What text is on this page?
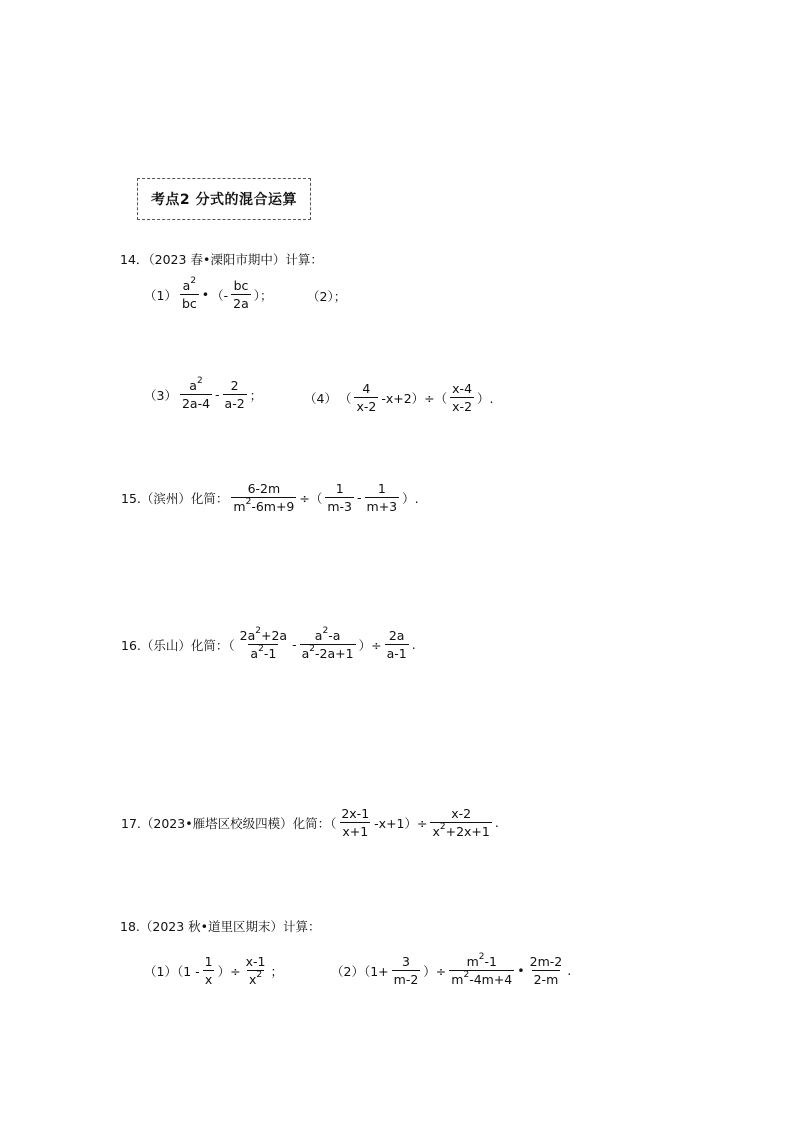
考点2 分式的混合运算
14．（2023 春•溧阳市期中）计算：
$(1) \frac{a^2}{bc}$ • （- $\frac{bc}{2a}$ ）；	（2）；
$(3) \frac{a^2}{2a-4} - \frac{2}{a-2}$ ；	（4） （ $\frac{4}{x-2} -x+2)\div( \frac{x-4}{x-2}$ ）.
15.（滨州）化简： $\frac{6-2m}{m^2-6m+9}$ ÷（ $\frac{1}{m-3} - \frac{1}{m+3}$ ）.
16.（乐山）化简：（ $\frac{2a^2+2a}{a^2-1} - \frac{a^2-a}{a^2-2a+1}$ ）÷ $\frac{2a}{a-1}$ .
17.（2023•雁塔区校级四模）化简：（ $\frac{2x-1}{x+1} -x+1)\div \frac{x-2}{x^2+2x+1}$ .
18.（2023 秋•道里区期末）计算：
$(1)(1 - \frac{1}{x}$ ）÷ $\frac{x-1}{x^2}$ ；	$(2)(1+ \frac{3}{m-2}$ ）÷ $\frac{m^2-1}{m^2-4m+4}$ • $\frac{2m-2}{2-m}$ .
